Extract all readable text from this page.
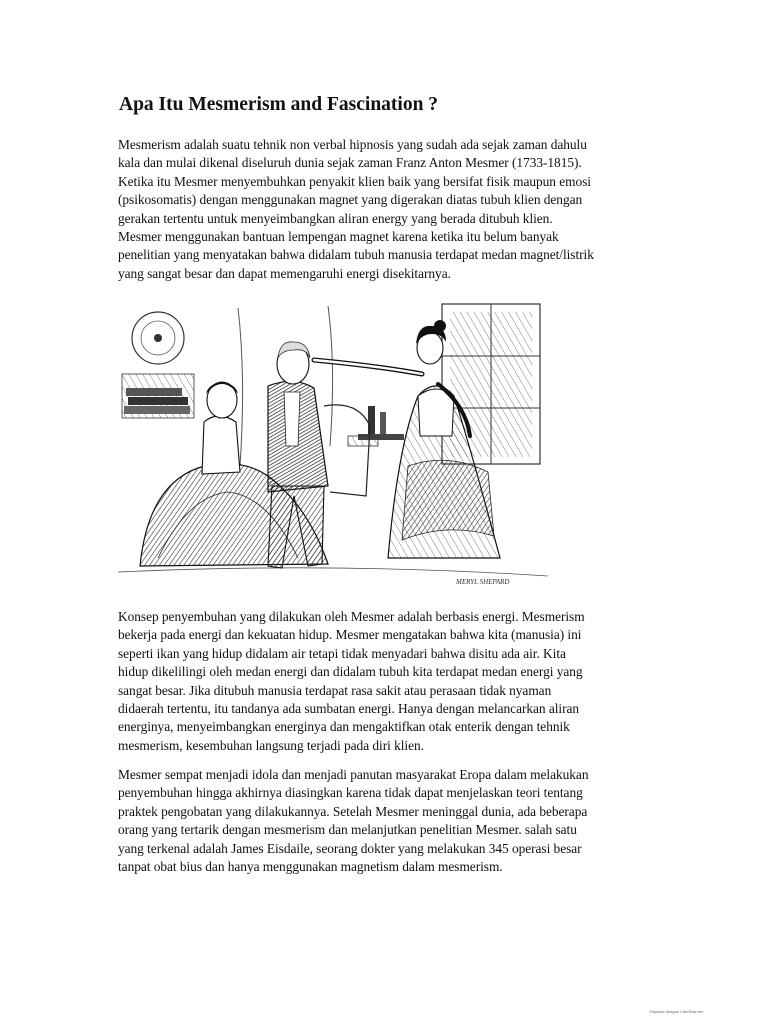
Apa Itu Mesmerism and Fascination ?
Mesmerism adalah suatu tehnik non verbal hipnosis yang sudah ada sejak zaman dahulu
kala dan mulai dikenal diseluruh dunia sejak zaman Franz Anton Mesmer (1733-1815).
Ketika itu Mesmer menyembuhkan penyakit klien baik yang bersifat fisik maupun emosi
(psikosomatis) dengan menggunakan magnet yang digerakan diatas tubuh klien dengan
gerakan tertentu untuk menyeimbangkan aliran energy yang berada ditubuh klien.
Mesmer menggunakan bantuan lempengan magnet karena ketika itu belum banyak
penelitian yang menyatakan bahwa didalam tubuh manusia terdapat medan magnet/listrik
yang sangat besar dan dapat memengaruhi energi disekitarnya.
MERYL SHEPARD
Konsep penyembuhan yang dilakukan oleh Mesmer adalah berbasis energi. Mesmerism
bekerja pada energi dan kekuatan hidup. Mesmer mengatakan bahwa kita (manusia) ini
seperti ikan yang hidup didalam air tetapi tidak menyadari bahwa disitu ada air. Kita
hidup dikelilingi oleh medan energi dan didalam tubuh kita terdapat medan energi yang
sangat besar. Jika ditubuh manusia terdapat rasa sakit atau perasaan tidak nyaman
didaerah tertentu, itu tandanya ada sumbatan energi. Hanya dengan melancarkan aliran
energinya, menyeimbangkan energinya dan mengaktifkan otak enterik dengan tehnik
mesmerism, kesembuhan langsung terjadi pada diri klien.
Mesmer sempat menjadi idola dan menjadi panutan masyarakat Eropa dalam melakukan
penyembuhan hingga akhirnya diasingkan karena tidak dapat menjelaskan teori tentang
praktek pengobatan yang dilakukannya. Setelah Mesmer meninggal dunia, ada beberapa
orang yang tertarik dengan mesmerism dan melanjutkan penelitian Mesmer. salah satu
yang terkenal adalah James Eisdaile, seorang dokter yang melakukan 345 operasi besar
tanpat obat bius dan hanya menggunakan magnetism dalam mesmerism.
Dipindai dengan CamScanner
